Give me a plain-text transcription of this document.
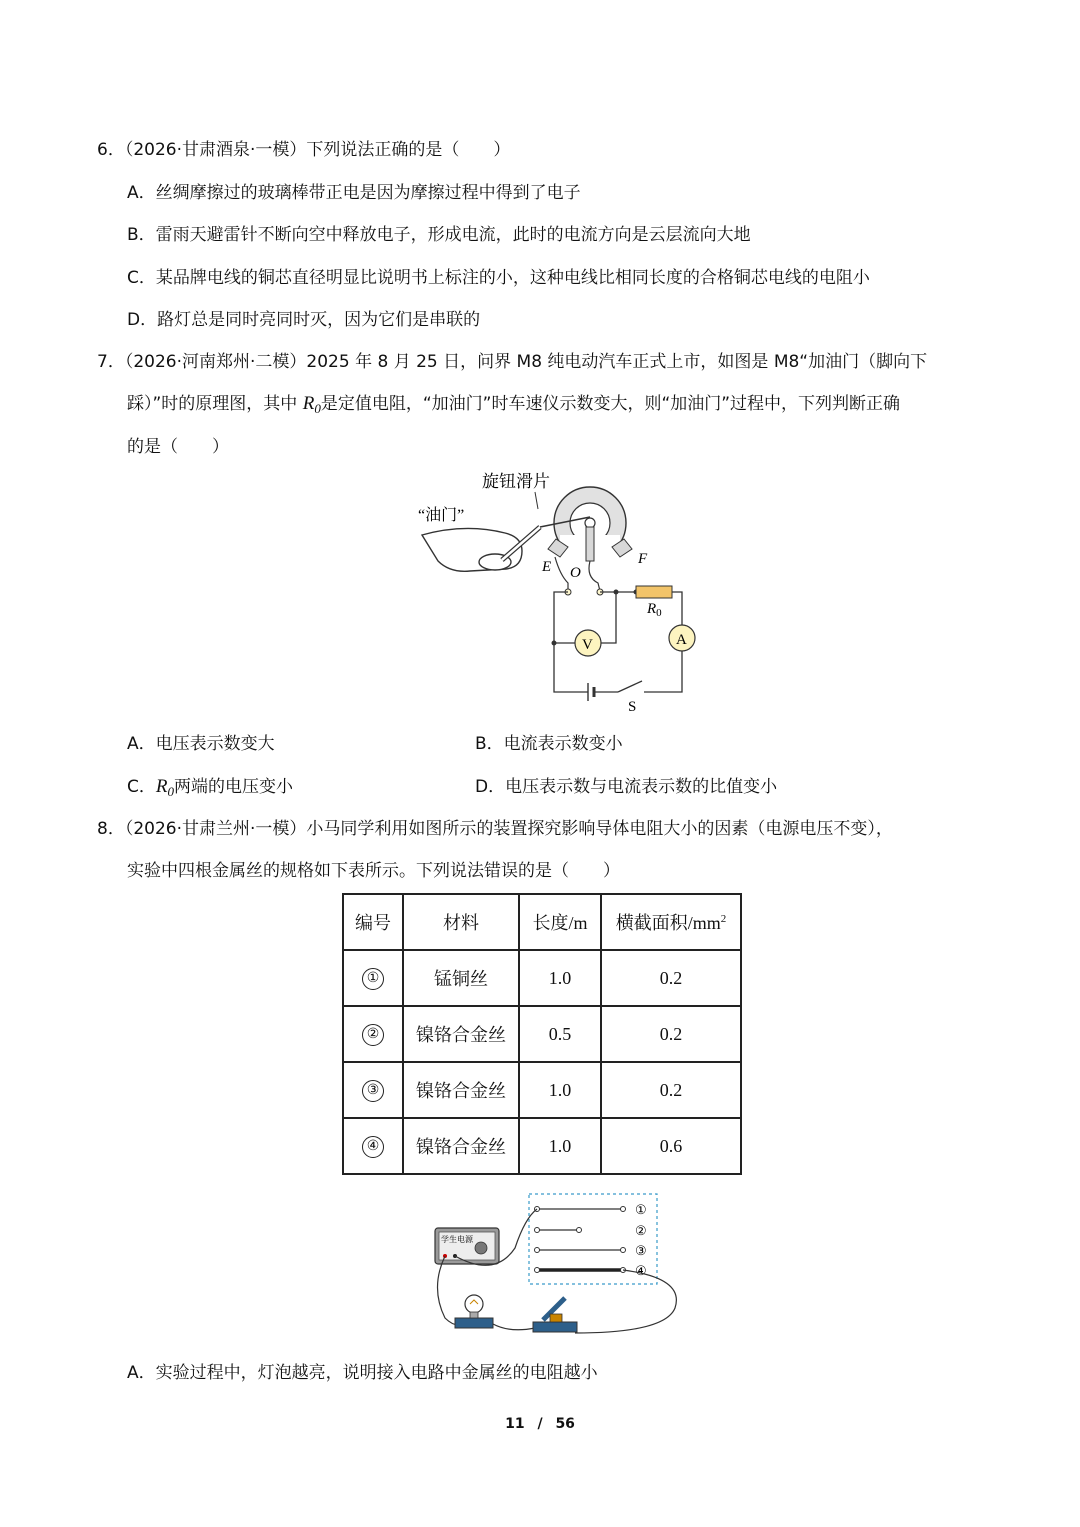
6．（2026·甘肃酒泉·一模）下列说法正确的是（　　）
A．丝绸摩擦过的玻璃棒带正电是因为摩擦过程中得到了电子
B．雷雨天避雷针不断向空中释放电子，形成电流，此时的电流方向是云层流向大地
C．某品牌电线的铜芯直径明显比说明书上标注的小，这种电线比相同长度的合格铜芯电线的电阻小
D．路灯总是同时亮同时灭，因为它们是串联的
7．（2026·河南郑州·二模）2025 年 8 月 25 日，问界 M8 纯电动汽车正式上市，如图是 M8“加油门（脚向下
踩）”时的原理图，其中 $R_0$是定值电阻，“加油门”时车速仪示数变大，则“加油门”过程中，下列判断正确
的是（　　）
旋钮滑片
“油门”
E O
F
$R_0$
A
V
S
A．电压表示数变大	B．电流表示数变小
C．$R_0$两端的电压变小	D．电压表示数与电流表示数的比值变小
8．（2026·甘肃兰州·一模）小马同学利用如图所示的装置探究影响导体电阻大小的因素（电源电压不变），
实验中四根金属丝的规格如下表所示。下列说法错误的是（　　）
编号	材料	长度/m	横截面积$/mm^2$
①	锰铜丝	1.0	0.2
②	镍铬合金丝	0.5	0.2
③	镍铬合金丝	1.0	0.2
④	镍铬合金丝	1.0	0.6
学生电源
①
②
③
④
A．实验过程中，灯泡越亮，说明接入电路中金属丝的电阻越小
11 / 56
